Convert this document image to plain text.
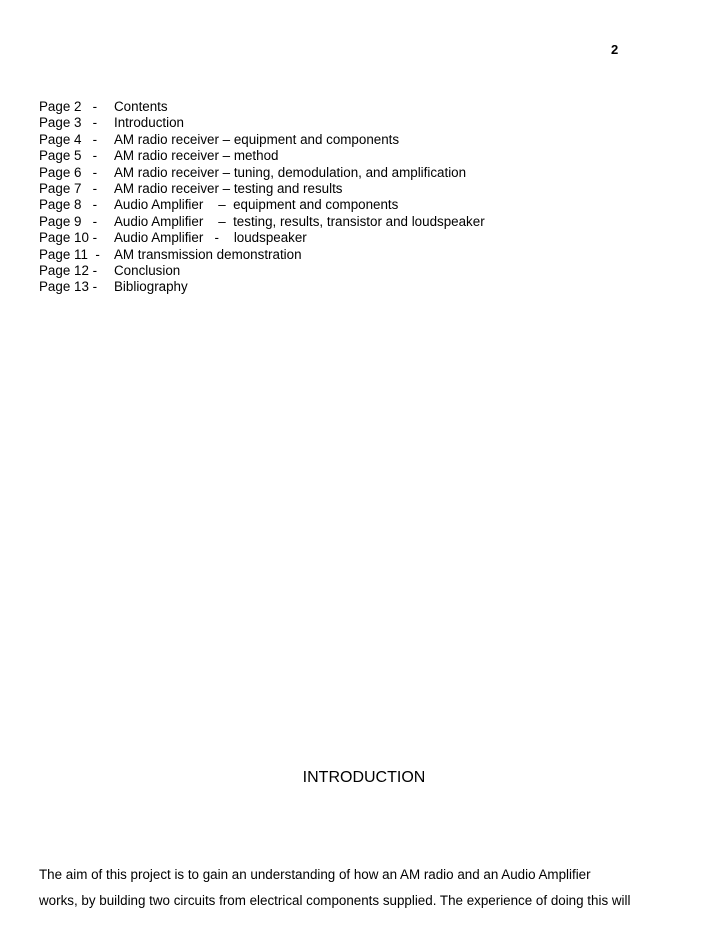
2
Page 2   -	Contents
Page 3   -	Introduction
Page 4   -	AM radio receiver – equipment and components
Page 5   -	AM radio receiver – method
Page 6   -	AM radio receiver – tuning, demodulation, and amplification
Page 7   -	AM radio receiver – testing and results
Page 8   -	Audio Amplifier    –  equipment and components
Page 9   -	Audio Amplifier    –  testing, results, transistor and loudspeaker
Page 10 -	Audio Amplifier   -    loudspeaker
Page 11  -	AM transmission demonstration
Page 12 -	Conclusion
Page 13 -	Bibliography
INTRODUCTION
The aim of this project is to gain an understanding of how an AM radio and an Audio Amplifier
works, by building two circuits from electrical components supplied. The experience of doing this will
